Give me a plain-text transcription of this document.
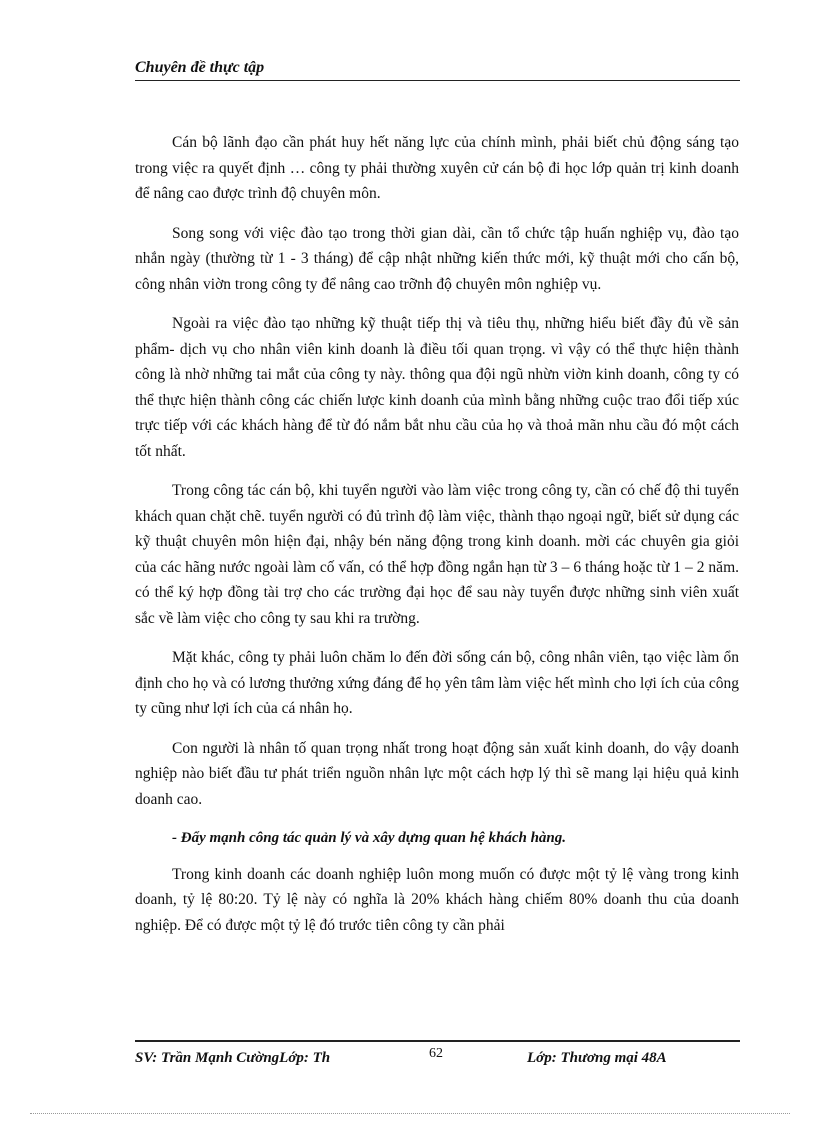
Chuyên đề thực tập

Cán bộ lãnh đạo cần phát huy hết năng lực của chính mình, phải biết chủ động sáng tạo trong việc ra quyết định … công ty phải thường xuyên cử cán bộ đi học lớp quản trị kinh doanh để nâng cao được trình độ chuyên môn.

Song song với việc đào tạo trong thời gian dài, cần tổ chức tập huấn nghiệp vụ, đào tạo nhắn ngày (thường từ 1 - 3 tháng) để cập nhật những kiến thức mới, kỹ thuật mới cho cấn bộ, công nhân viờn trong công ty để nâng cao trỡnh độ chuyên môn nghiệp vụ.

Ngoài ra việc đào tạo những kỹ thuật tiếp thị và tiêu thụ, những hiểu biết đầy đủ về sản phẩm- dịch vụ cho nhân viên kinh doanh là điều tối quan trọng. vì vậy có thể thực hiện thành công là nhờ những tai mắt của công ty này. thông qua đội ngũ nhừn viờn kinh doanh, công ty có thể thực hiện thành công các chiến lược kinh doanh của mình bằng những cuộc trao đổi tiếp xúc trực tiếp với các khách hàng để từ đó nắm bắt nhu cầu của họ và thoả mãn nhu cầu đó một cách tốt nhất.

Trong công tác cán bộ, khi tuyển người vào làm việc trong công ty, cần có chế độ thi tuyển khách quan chặt chẽ. tuyển người có đủ trình độ làm việc, thành thạo ngoại ngữ, biết sử dụng các kỹ thuật chuyên môn hiện đại, nhậy bén năng động trong kinh doanh. mời các chuyên gia giỏi của các hãng nước ngoài làm cố vấn, có thể hợp đồng ngắn hạn từ 3 – 6 tháng hoặc từ 1 – 2 năm. có thể ký hợp đồng tài trợ cho các trường đại học để sau này tuyển được những sinh viên xuất sắc về làm việc cho công ty sau khi ra trường.

Mặt khác, công ty phải luôn chăm lo đến đời sống cán bộ, công nhân viên, tạo việc làm ổn định cho họ và có lương thưởng xứng đáng để họ yên tâm làm việc hết mình cho lợi ích của công ty cũng như lợi ích của cá nhân họ.

Con người là nhân tố quan trọng nhất trong hoạt động sản xuất kinh doanh, do vậy doanh nghiệp nào biết đầu tư phát triển nguồn nhân lực một cách hợp lý thì sẽ mang lại hiệu quả kinh doanh cao.

- Đẩy mạnh công tác quản lý và xây dựng quan hệ khách hàng.

Trong kinh doanh các doanh nghiệp luôn mong muốn có được một tỷ lệ vàng trong kinh doanh, tỷ lệ 80:20. Tỷ lệ này có nghĩa là 20% khách hàng chiếm 80% doanh thu của doanh nghiệp. Để có được một tỷ lệ đó trước tiên công ty cần phải

SV: Trần Mạnh CườngLớp: Th	62	Lớp: Thương mại 48A
